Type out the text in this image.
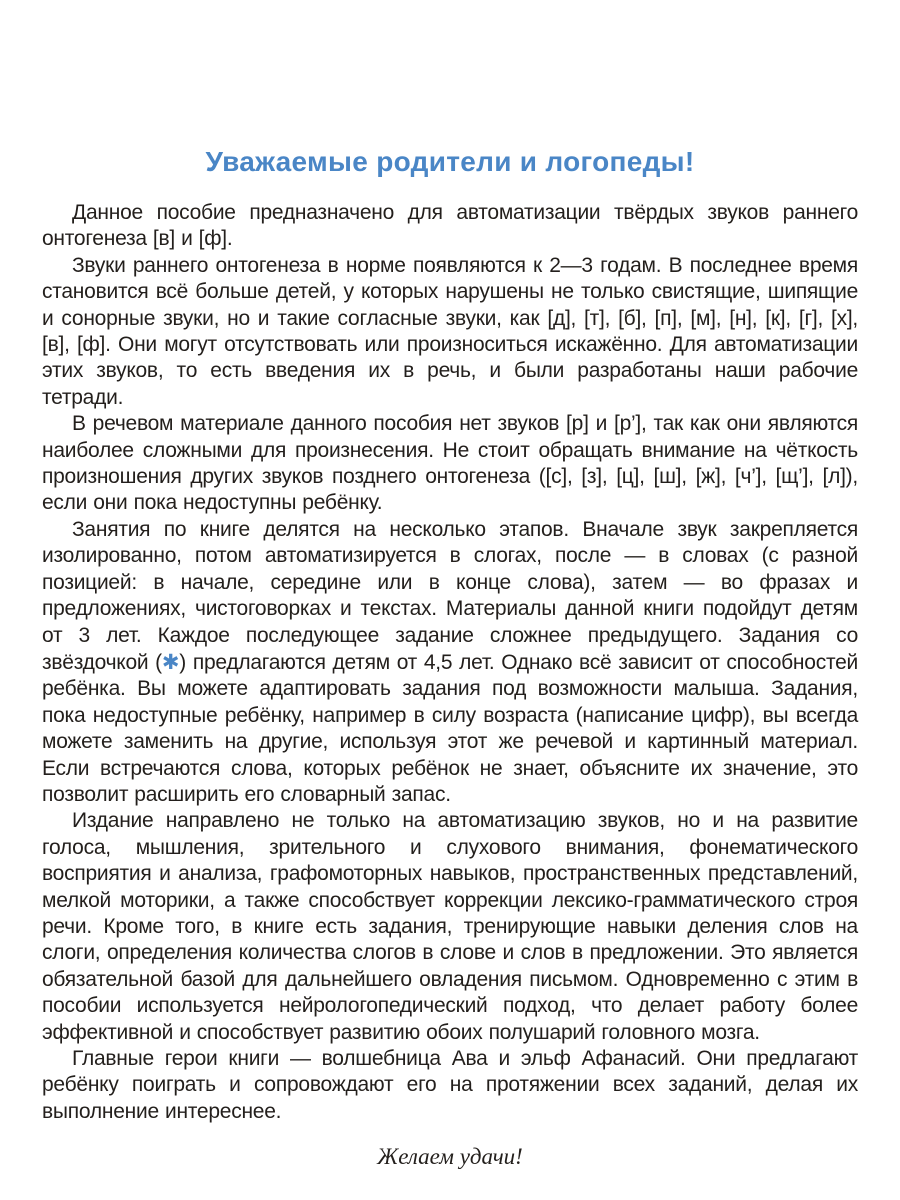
Уважаемые родители и логопеды!

Данное пособие предназначено для автоматизации твёрдых звуков раннего онтогенеза [в] и [ф].

Звуки раннего онтогенеза в норме появляются к 2—3 годам. В последнее время становится всё больше детей, у которых нарушены не только свистящие, шипящие и сонорные звуки, но и такие согласные звуки, как [д], [т], [б], [п], [м], [н], [к], [г], [х], [в], [ф]. Они могут отсутствовать или произноситься искажённо. Для автоматизации этих звуков, то есть введения их в речь, и были разработаны наши рабочие тетради.

В речевом материале данного пособия нет звуков [р] и [р’], так как они являются наиболее сложными для произнесения. Не стоит обращать внимание на чёткость произношения других звуков позднего онтогенеза ([с], [з], [ц], [ш], [ж], [ч’], [щ’], [л]), если они пока недоступны ребёнку.

Занятия по книге делятся на несколько этапов. Вначале звук закрепляется изолированно, потом автоматизируется в слогах, после — в словах (с разной позицией: в начале, середине или в конце слова), затем — во фразах и предложениях, чистоговорках и текстах. Материалы данной книги подойдут детям от 3 лет. Каждое последующее задание сложнее предыдущего. Задания со звёздочкой (✱) предлагаются детям от 4,5 лет. Однако всё зависит от способностей ребёнка. Вы можете адаптировать задания под возможности малыша. Задания, пока недоступные ребёнку, например в силу возраста (написание цифр), вы всегда можете заменить на другие, используя этот же речевой и картинный материал. Если встречаются слова, которых ребёнок не знает, объясните их значение, это позволит расширить его словарный запас.

Издание направлено не только на автоматизацию звуков, но и на развитие голоса, мышления, зрительного и слухового внимания, фонематического восприятия и анализа, графомоторных навыков, пространственных представлений, мелкой моторики, а также способствует коррекции лексико-грамматического строя речи. Кроме того, в книге есть задания, тренирующие навыки деления слов на слоги, определения количества слогов в слове и слов в предложении. Это является обязательной базой для дальнейшего овладения письмом. Одновременно с этим в пособии используется нейрологопедический подход, что делает работу более эффективной и способствует развитию обоих полушарий головного мозга.

Главные герои книги — волшебница Ава и эльф Афанасий. Они предлагают ребёнку поиграть и сопровождают его на протяжении всех заданий, делая их выполнение интереснее.

Желаем удачи!
